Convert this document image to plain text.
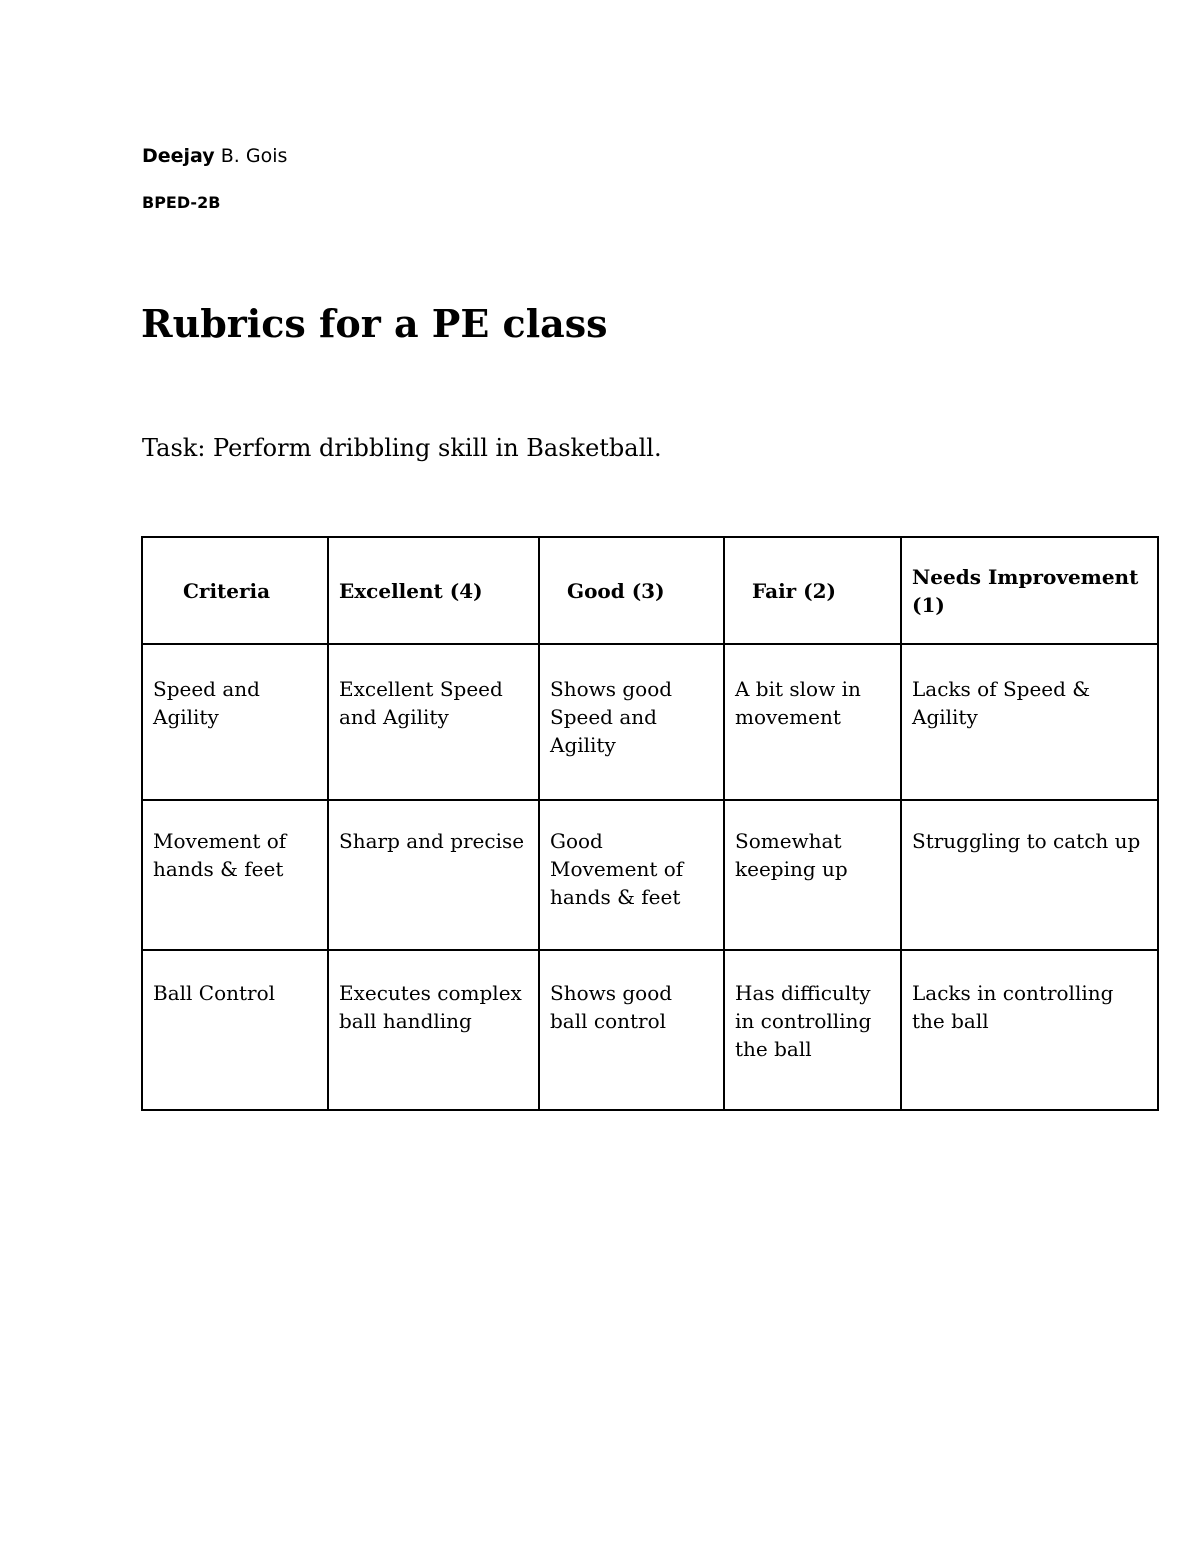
Deejay B. Gois
BPED-2B
Rubrics for a PE class
Task: Perform dribbling skill in Basketball.
Criteria	Excellent (4)	Good (3)	Fair (2)	Needs Improvement (1)
Speed and Agility	Excellent Speed and Agility	Shows good Speed and Agility	A bit slow in movement	Lacks of Speed & Agility
Movement of hands & feet	Sharp and precise	Good Movement of hands & feet	Somewhat keeping up	Struggling to catch up
Ball Control	Executes complex ball handling	Shows good ball control	Has difficulty in controlling the ball	Lacks in controlling the ball
